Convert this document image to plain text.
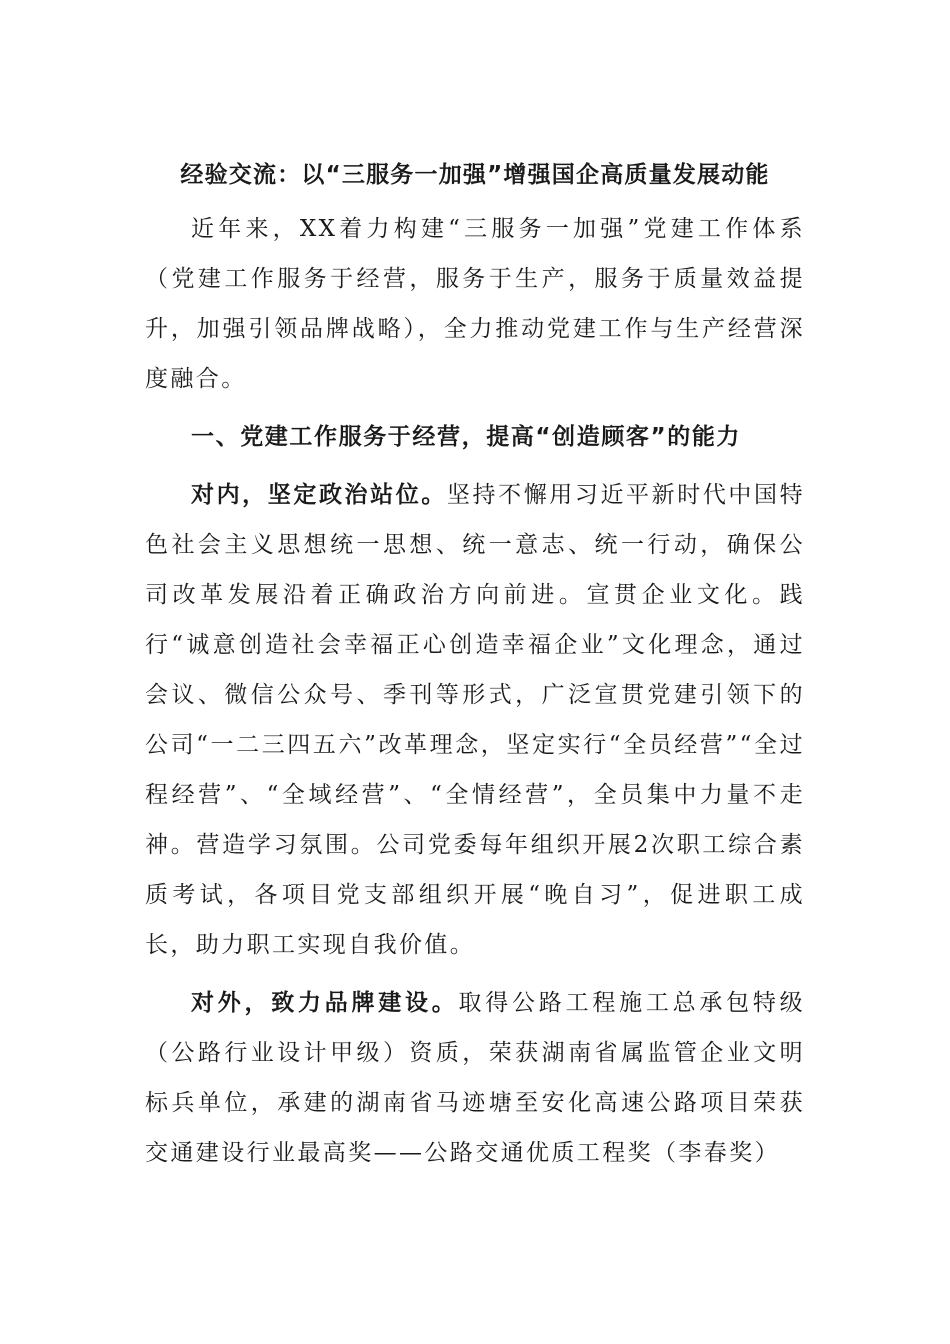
经验交流：以“三服务一加强”增强国企高质量发展动能

近年来，XX着力构建“三服务一加强”党建工作体系（党建工作服务于经营，服务于生产，服务于质量效益提升，加强引领品牌战略），全力推动党建工作与生产经营深度融合。

一、党建工作服务于经营，提高“创造顾客”的能力

对内，坚定政治站位。坚持不懈用习近平新时代中国特色社会主义思想统一思想、统一意志、统一行动，确保公司改革发展沿着正确政治方向前进。宣贯企业文化。践行“诚意创造社会幸福正心创造幸福企业”文化理念，通过会议、微信公众号、季刊等形式，广泛宣贯党建引领下的公司“一二三四五六”改革理念，坚定实行“全员经营”“全过程经营”、“全域经营”、“全情经营”，全员集中力量不走神。营造学习氛围。公司党委每年组织开展2次职工综合素质考试，各项目党支部组织开展“晚自习”，促进职工成长，助力职工实现自我价值。

对外，致力品牌建设。取得公路工程施工总承包特级（公路行业设计甲级）资质，荣获湖南省属监管企业文明标兵单位，承建的湖南省马迹塘至安化高速公路项目荣获交通建设行业最高奖——公路交通优质工程奖（李春奖）
